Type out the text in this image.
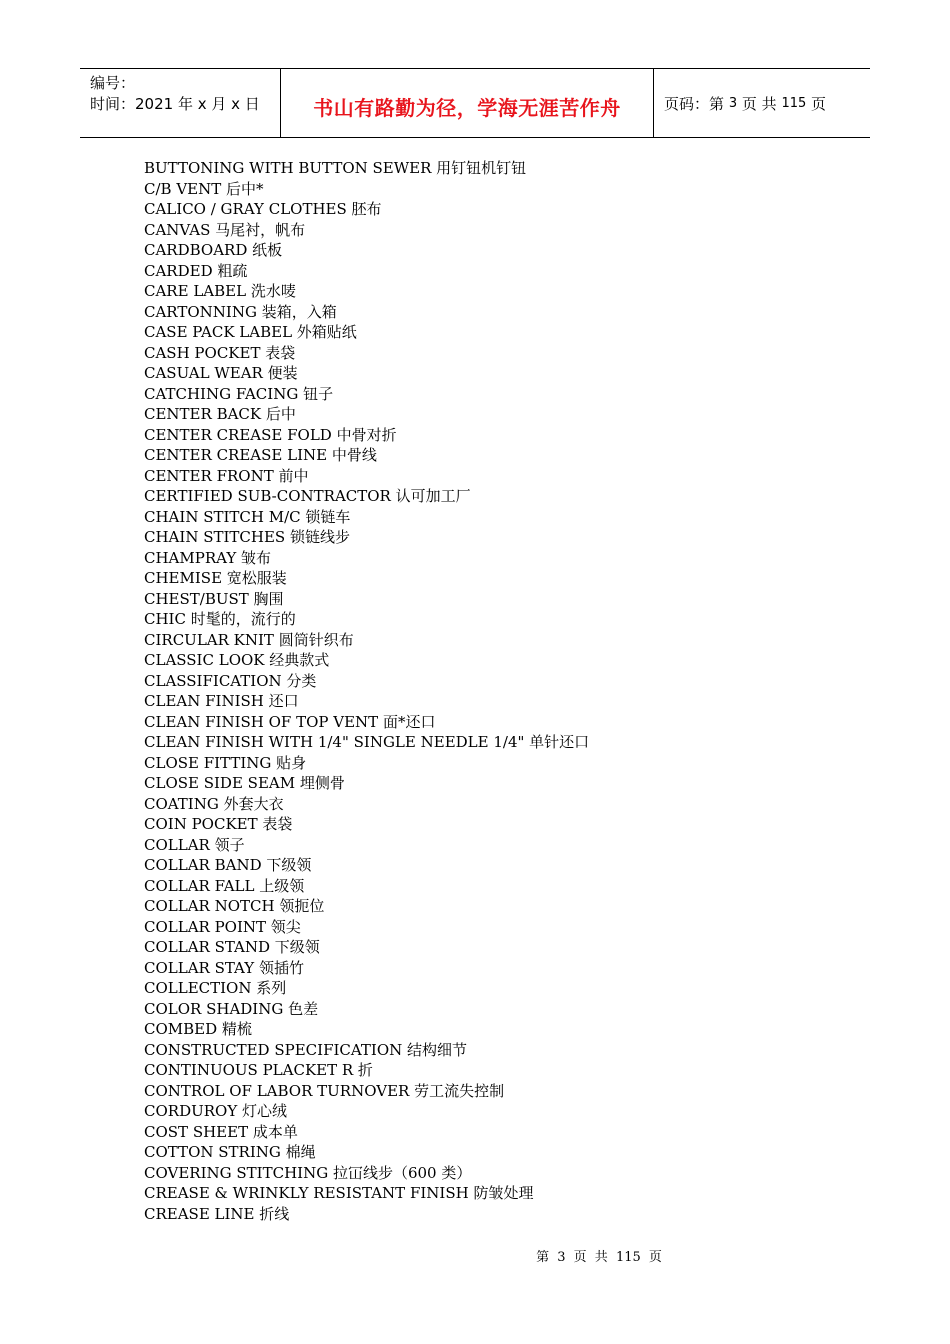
编号：
时间：2021 年 x 月 x 日	书山有路勤为径，学海无涯苦作舟	页码： 第
3
页 共
115
页
BUTTONING WITH BUTTON SEWER 用钉钮机钉钮
C/B VENT 后中*
CALICO / GRAY CLOTHES 胚布
CANVAS 马尾衬，帆布
CARDBOARD 纸板
CARDED 粗疏
CARE LABEL 洗水唛
CARTONNING 装箱，入箱
CASE PACK LABEL 外箱贴纸
CASH POCKET 表袋
CASUAL WEAR 便装
CATCHING FACING 钮子
CENTER BACK 后中
CENTER CREASE FOLD 中骨对折
CENTER CREASE LINE 中骨线
CENTER FRONT 前中
CERTIFIED SUB-CONTRACTOR 认可加工厂
CHAIN STITCH M/C 锁链车
CHAIN STITCHES 锁链线步
CHAMPRAY 皱布
CHEMISE 宽松服装
CHEST/BUST 胸围
CHIC 时髦的，流行的
CIRCULAR KNIT 圆筒针织布
CLASSIC LOOK 经典款式
CLASSIFICATION 分类
CLEAN FINISH 还口
CLEAN FINISH OF TOP VENT 面*还口
CLEAN FINISH WITH 1/4" SINGLE NEEDLE 1/4" 单针还口
CLOSE FITTING 贴身
CLOSE SIDE SEAM 埋侧骨
COATING 外套大衣
COIN POCKET 表袋
COLLAR 领子
COLLAR BAND 下级领
COLLAR FALL 上级领
COLLAR NOTCH 领扼位
COLLAR POINT 领尖
COLLAR STAND 下级领
COLLAR STAY 领插竹
COLLECTION 系列
COLOR SHADING 色差
COMBED 精梳
CONSTRUCTED SPECIFICATION 结构细节
CONTINUOUS PLACKET R 折
CONTROL OF LABOR TURNOVER 劳工流失控制
CORDUROY 灯心绒
COST SHEET 成本单
COTTON STRING 棉绳
COVERING STITCHING 拉冚线步（600 类）
CREASE & WRINKLY RESISTANT FINISH 防皱处理
CREASE LINE 折线
第 3 页 共 115 页
